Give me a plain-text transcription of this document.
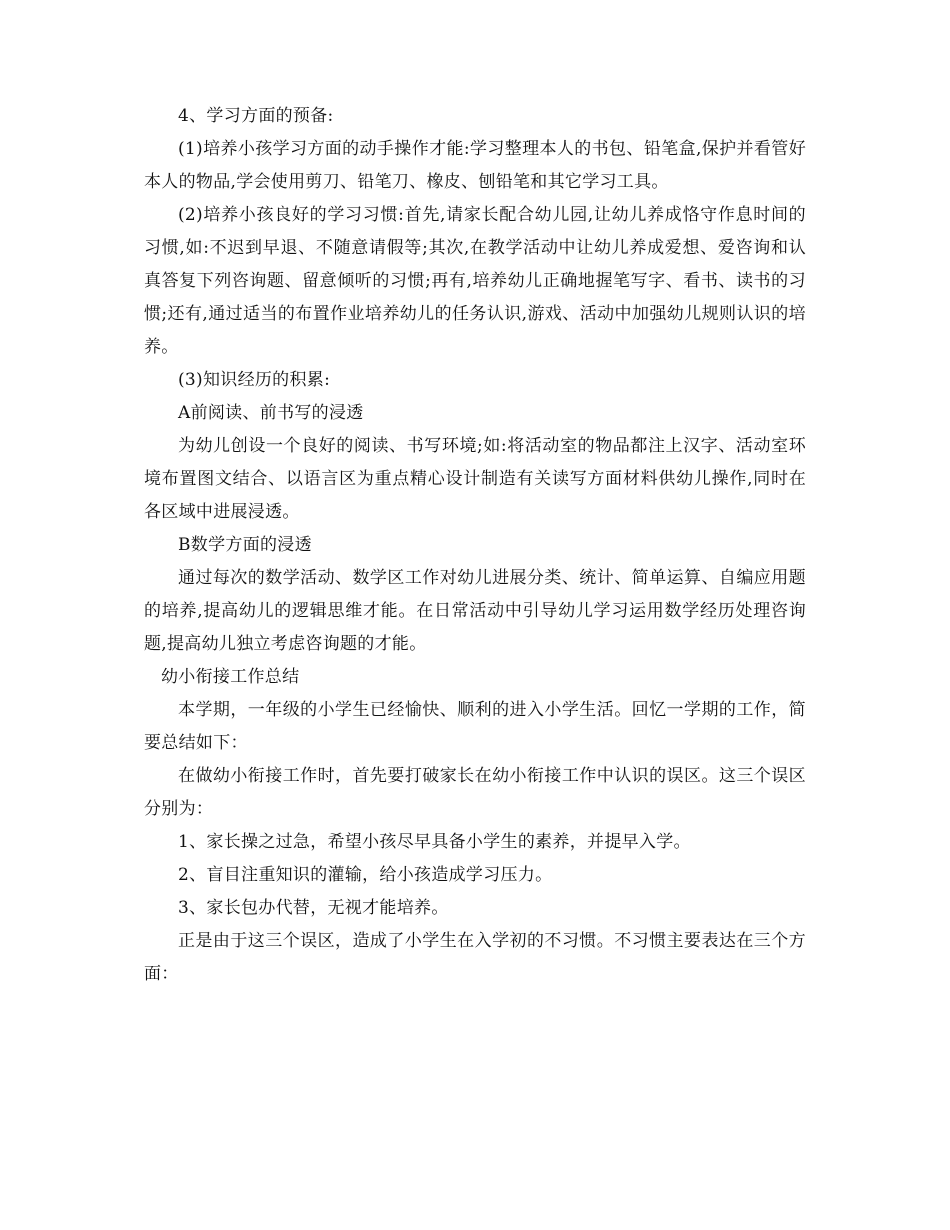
4、学习方面的预备:

(1)培养小孩学习方面的动手操作才能:学习整理本人的书包、铅笔盒,保护并看管好本人的物品,学会使用剪刀、铅笔刀、橡皮、刨铅笔和其它学习工具。

(2)培养小孩良好的学习习惯:首先,请家长配合幼儿园,让幼儿养成恪守作息时间的习惯,如:不迟到早退、不随意请假等;其次,在教学活动中让幼儿养成爱想、爱咨询和认真答复下列咨询题、留意倾听的习惯;再有,培养幼儿正确地握笔写字、看书、读书的习惯;还有,通过适当的布置作业培养幼儿的任务认识,游戏、活动中加强幼儿规则认识的培养。

(3)知识经历的积累:

A前阅读、前书写的浸透

为幼儿创设一个良好的阅读、书写环境;如:将活动室的物品都注上汉字、活动室环境布置图文结合、以语言区为重点精心设计制造有关读写方面材料供幼儿操作,同时在各区域中进展浸透。

B数学方面的浸透

通过每次的数学活动、数学区工作对幼儿进展分类、统计、简单运算、自编应用题的培养,提高幼儿的逻辑思维才能。在日常活动中引导幼儿学习运用数学经历处理咨询题,提高幼儿独立考虑咨询题的才能。

幼小衔接工作总结

本学期，一年级的小学生已经愉快、顺利的进入小学生活。回忆一学期的工作，简要总结如下：

在做幼小衔接工作时，首先要打破家长在幼小衔接工作中认识的误区。这三个误区分别为：

1、家长操之过急，希望小孩尽早具备小学生的素养，并提早入学。

2、盲目注重知识的灌输，给小孩造成学习压力。

3、家长包办代替，无视才能培养。

正是由于这三个误区，造成了小学生在入学初的不习惯。不习惯主要表达在三个方面：
